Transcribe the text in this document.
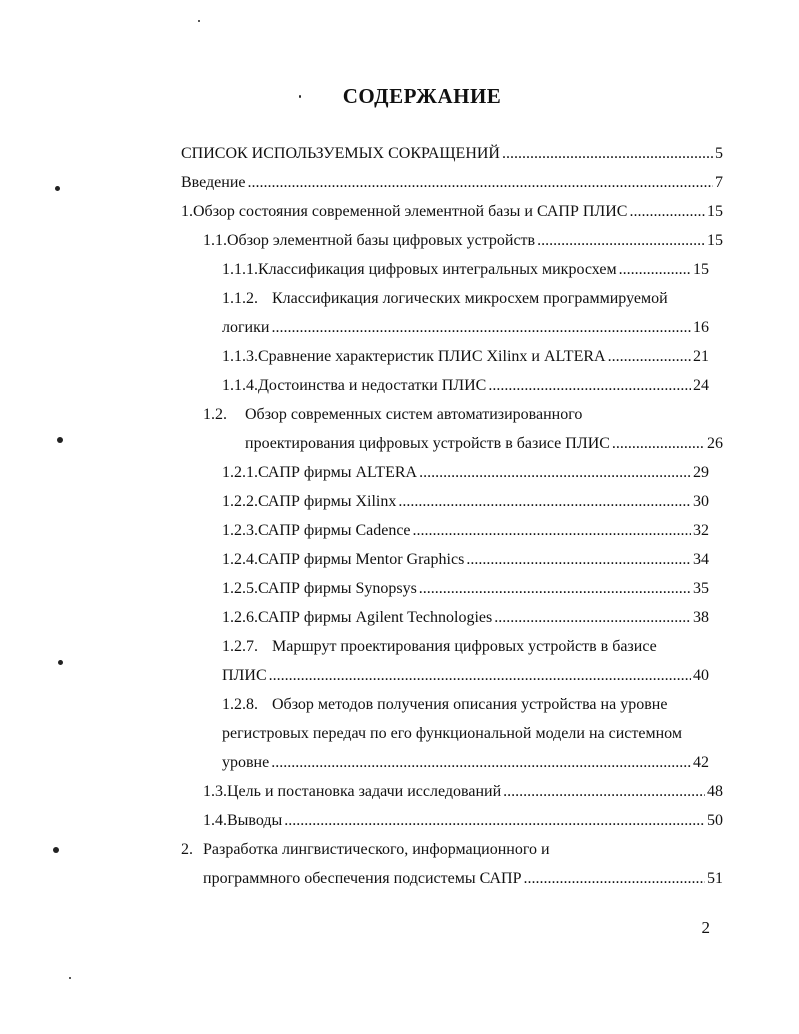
СОДЕРЖАНИЕ
СПИСОК ИСПОЛЬЗУЕМЫХ СОКРАЩЕНИЙ .....	5
Введение .....	7
1. Обзор состояния современной элементной базы и САПР ПЛИС .....	15
1.1. Обзор элементной базы цифровых устройств .....	15
1.1.1. Классификация цифровых интегральных микросхем .....	15
1.1.2. Классификация логических микросхем программируемой
логики .....	16
1.1.3. Сравнение характеристик ПЛИС Xilinx и ALTERA .....	21
1.1.4. Достоинства и недостатки ПЛИС .....	24
1.2.	Обзор современных систем автоматизированного
проектирования цифровых устройств в базисе ПЛИС .....	26
1.2.1. САПР фирмы ALTERA .....	29
1.2.2. САПР фирмы Xilinx .....	30
1.2.3. САПР фирмы Cadence .....	32
1.2.4. САПР фирмы Mentor Graphics .....	34
1.2.5. САПР фирмы Synopsys .....	35
1.2.6. САПР фирмы Agilent Technologies .....	38
1.2.7. Маршрут проектирования цифровых устройств в базисе
ПЛИС .....	40
1.2.8. Обзор методов получения описания устройства на уровне
регистровых передач по его функциональной модели на системном
уровне .....	42
1.3. Цель и постановка задачи исследований .....	48
1.4. Выводы .....	50
2. Разработка лингвистического, информационного и
программного обеспечения подсистемы САПР .....	51
2
